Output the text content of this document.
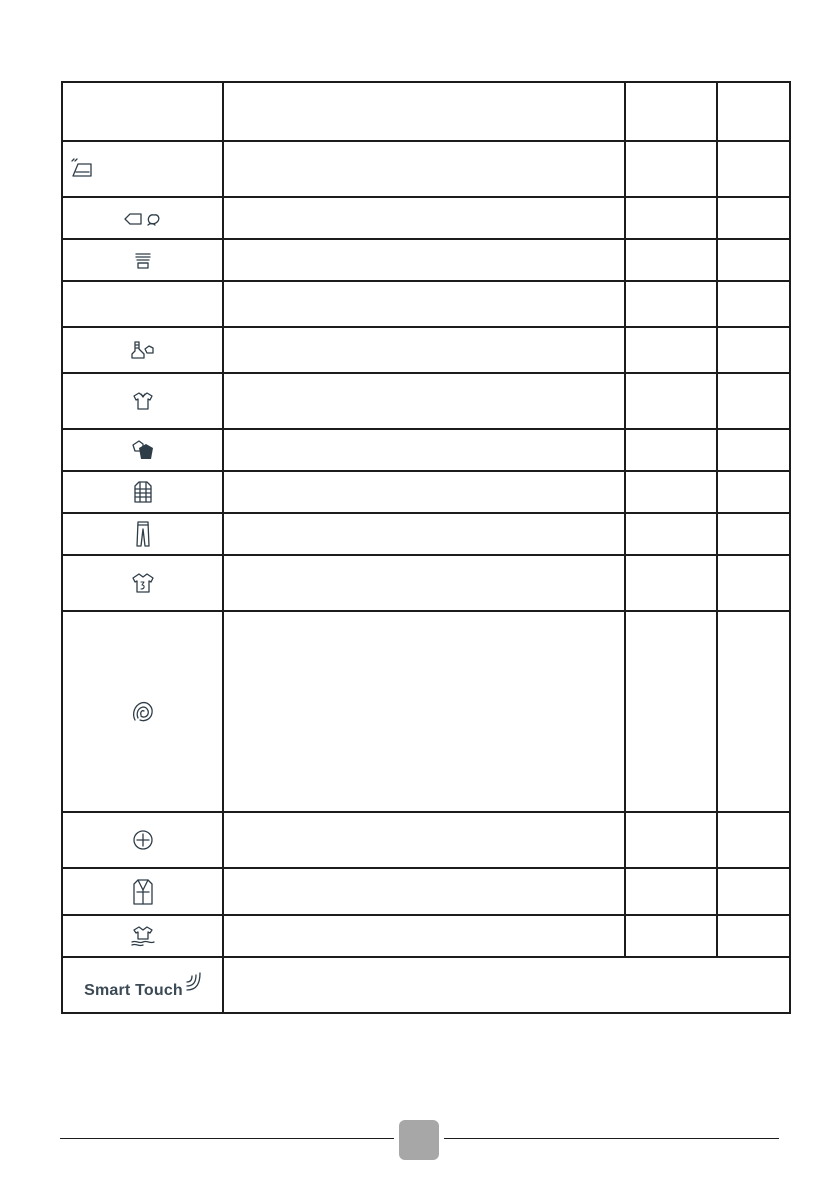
Smart Touch			
